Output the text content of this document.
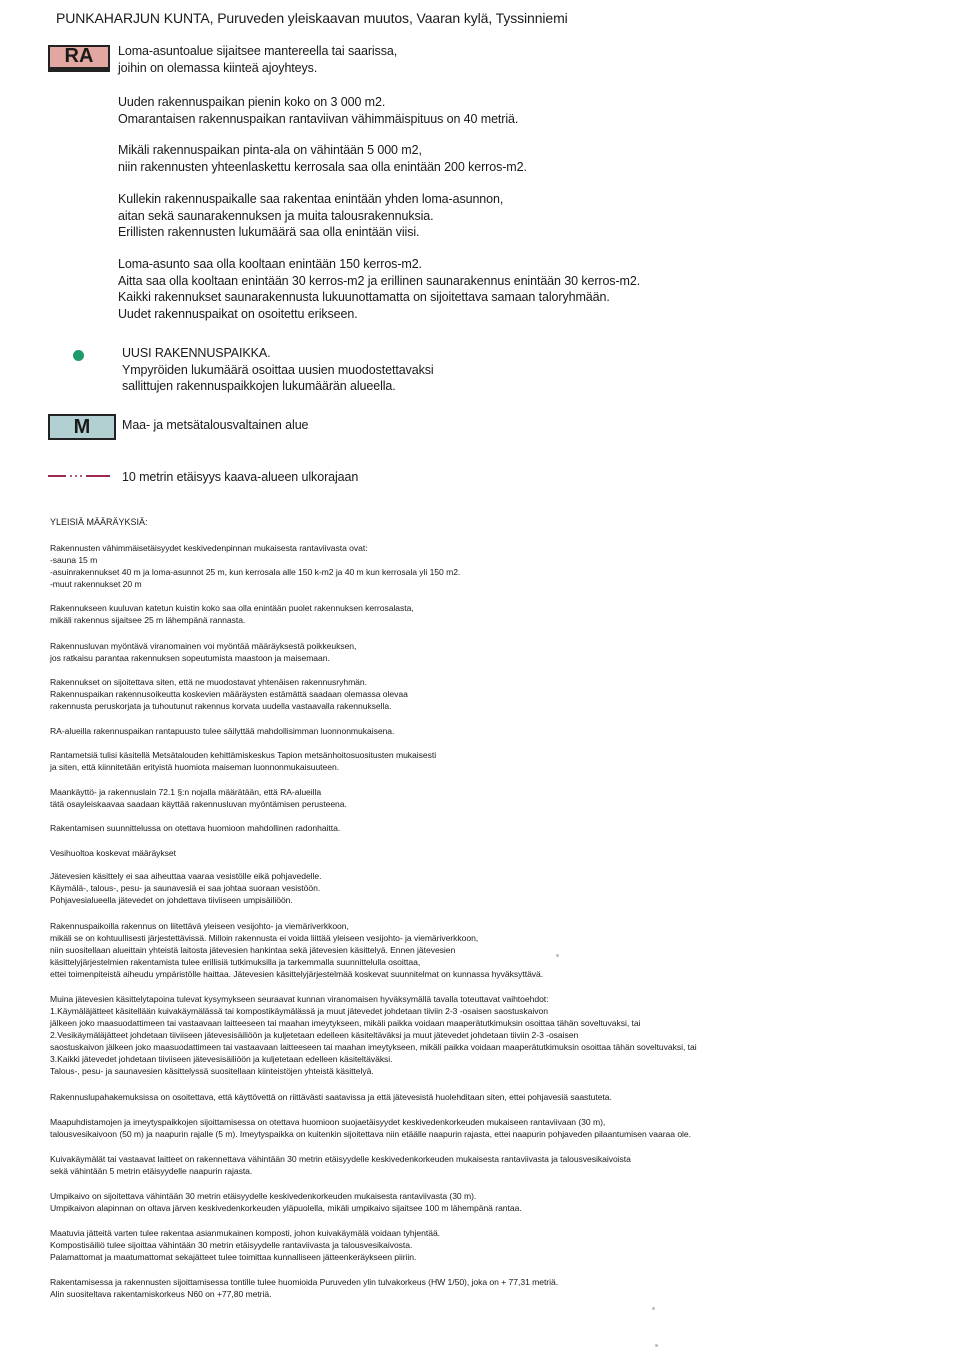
PUNKAHARJUN KUNTA, Puruveden yleiskaavan muutos, Vaaran kylä, Tyssinniemi
RA	Loma-asuntoalue sijaitsee mantereella tai saarissa,
joihin on olemassa kiinteä ajoyhteys.
Uuden rakennuspaikan pienin koko on 3 000 m2.
Omarantaisen rakennuspaikan rantaviivan vähimmäispituus on 40 metriä.
Mikäli rakennuspaikan pinta-ala on vähintään 5 000 m2,
niin rakennusten yhteenlaskettu kerrosala saa olla enintään 200 kerros-m2.
Kullekin rakennuspaikalle saa rakentaa enintään yhden loma-asunnon,
aitan sekä saunarakennuksen ja muita talousrakennuksia.
Erillisten rakennusten lukumäärä saa olla enintään viisi.
Loma-asunto saa olla kooltaan enintään 150 kerros-m2.
Aitta saa olla kooltaan enintään 30 kerros-m2 ja erillinen saunarakennus enintään 30 kerros-m2.
Kaikki rakennukset saunarakennusta lukuunottamatta on sijoitettava samaan taloryhmään.
Uudet rakennuspaikat on osoitettu erikseen.
UUSI RAKENNUSPAIKKA.
Ympyröiden lukumäärä osoittaa uusien muodostettavaksi
sallittujen rakennuspaikkojen lukumäärän alueella.
M	Maa- ja metsätalousvaltainen alue
10 metrin etäisyys kaava-alueen ulkorajaan
YLEISIÄ MÄÄRÄYKSIÄ:
Rakennusten vähimmäisetäisyydet keskivedenpinnan mukaisesta rantaviivasta ovat:
-sauna 15 m
-asuinrakennukset 40 m ja loma-asunnot 25 m, kun kerrosala alle 150 k-m2 ja 40 m kun kerrosala yli 150 m2.
-muut rakennukset 20 m
Rakennukseen kuuluvan katetun kuistin koko saa olla enintään puolet rakennuksen kerrosalasta,
mikäli rakennus sijaitsee 25 m lähempänä rannasta.
Rakennusluvan myöntävä viranomainen voi myöntää määräyksestä poikkeuksen,
jos ratkaisu parantaa rakennuksen sopeutumista maastoon ja maisemaan.
Rakennukset on sijoitettava siten, että ne muodostavat yhtenäisen rakennusryhmän.
Rakennuspaikan rakennusoikeutta koskevien määräysten estämättä saadaan olemassa olevaa
rakennusta peruskorjata ja tuhoutunut rakennus korvata uudella vastaavalla rakennuksella.
RA-alueilla rakennuspaikan rantapuusto tulee säilyttää mahdollisimman luonnonmukaisena.
Rantametsiä tulisi käsitellä Metsätalouden kehittämiskeskus Tapion metsänhoitosuositusten mukaisesti
ja siten, että kiinnitetään erityistä huomiota maiseman luonnonmukaisuuteen.
Maankäyttö- ja rakennuslain 72.1 §:n nojalla määrätään, että RA-alueilla
tätä osayleiskaavaa saadaan käyttää rakennusluvan myöntämisen perusteena.
Rakentamisen suunnittelussa on otettava huomioon mahdollinen radonhaitta.
Vesihuoltoa koskevat määräykset
Jätevesien käsittely ei saa aiheuttaa vaaraa vesistölle eikä pohjavedelle.
Käymälä-, talous-, pesu- ja saunavesiä ei saa johtaa suoraan vesistöön.
Pohjavesialueella jätevedet on johdettava tiiviiseen umpisäiliöön.
Rakennuspaikoilla rakennus on liitettävä yleiseen vesijohto- ja viemäriverkkoon,
mikäli se on kohtuullisesti järjestettävissä. Milloin rakennusta ei voida liittää yleiseen vesijohto- ja viemäriverkkoon,
niin suositellaan alueittain yhteistä laitosta jätevesien hankintaa sekä jätevesien käsittelyä. Ennen jätevesien
käsittelyjärjestelmien rakentamista tulee erillisiä tutkimuksilla ja tarkemmalla suunnittelulla osoittaa,
ettei toimenpiteistä aiheudu ympäristölle haittaa. Jätevesien käsittelyjärjestelmää koskevat suunnitelmat on kunnassa hyväksyttävä.
Muina jätevesien käsittelytapoina tulevat kysymykseen seuraavat kunnan viranomaisen hyväksymällä tavalla toteuttavat vaihtoehdot:
1.Käymäläjätteet käsitellään kuivakäymälässä tai kompostikäymälässä ja muut jätevedet johdetaan tiiviin 2-3 -osaisen saostuskaivon
jälkeen joko maasuodattimeen tai vastaavaan laitteeseen tai maahan imeytykseen, mikäli paikka voidaan maaperätutkimuksin osoittaa tähän soveltuvaksi, tai
2.Vesikäymäläjätteet johdetaan tiiviiseen jätevesisäiliöön ja kuljetetaan edelleen käsiteltäväksi ja muut jätevedet johdetaan tiiviin 2-3 -osaisen
saostuskaivon jälkeen joko maasuodattimeen tai vastaavaan laitteeseen tai maahan imeytykseen, mikäli paikka voidaan maaperätutkimuksin osoittaa tähän soveltuvaksi, tai
3.Kaikki jätevedet johdetaan tiiviiseen jätevesisäiliöön ja kuljetetaan edelleen käsiteltäväksi.
Talous-, pesu- ja saunavesien käsittelyssä suositellaan kiinteistöjen yhteistä käsittelyä.
Rakennuslupahakemuksissa on osoitettava, että käyttövettä on riittävästi saatavissa ja että jätevesistä huolehditaan siten, ettei pohjavesiä saastuteta.
Maapuhdistamojen ja imeytyspaikkojen sijoittamisessa on otettava huomioon suojaetäisyydet keskivedenkorkeuden mukaiseen rantaviivaan (30 m),
talousvesikaivoon (50 m) ja naapurin rajalle (5 m). Imeytyspaikka on kuitenkin sijoitettava niin etäälle naapurin rajasta, ettei naapurin pohjaveden pilaantumisen vaaraa ole.
Kuivakäymälät tai vastaavat laitteet on rakennettava vähintään 30 metrin etäisyydelle keskivedenkorkeuden mukaisesta rantaviivasta ja talousvesikaivoista
sekä vähintään 5 metrin etäisyydelle naapurin rajasta.
Umpikaivo on sijoitettava vähintään 30 metrin etäisyydelle keskivedenkorkeuden mukaisesta rantaviivasta (30 m).
Umpikaivon alapinnan on oltava järven keskivedenkorkeuden yläpuolella, mikäli umpikaivo sijaitsee 100 m lähempänä rantaa.
Maatuvia jätteitä varten tulee rakentaa asianmukainen komposti, johon kuivakäymälä voidaan tyhjentää.
Kompostisäiliö tulee sijoittaa vähintään 30 metrin etäisyydelle rantaviivasta ja talousvesikaivosta.
Palamattomat ja maatumattomat sekajätteet tulee toimittaa kunnalliseen jätteenkeräykseen piiriin.
Rakentamisessa ja rakennusten sijoittamisessa tontille tulee huomioida Puruveden ylin tulvakorkeus (HW 1/50), joka on + 77,31 metriä.
Alin suositeltava rakentamiskorkeus N60 on +77,80 metriä.
